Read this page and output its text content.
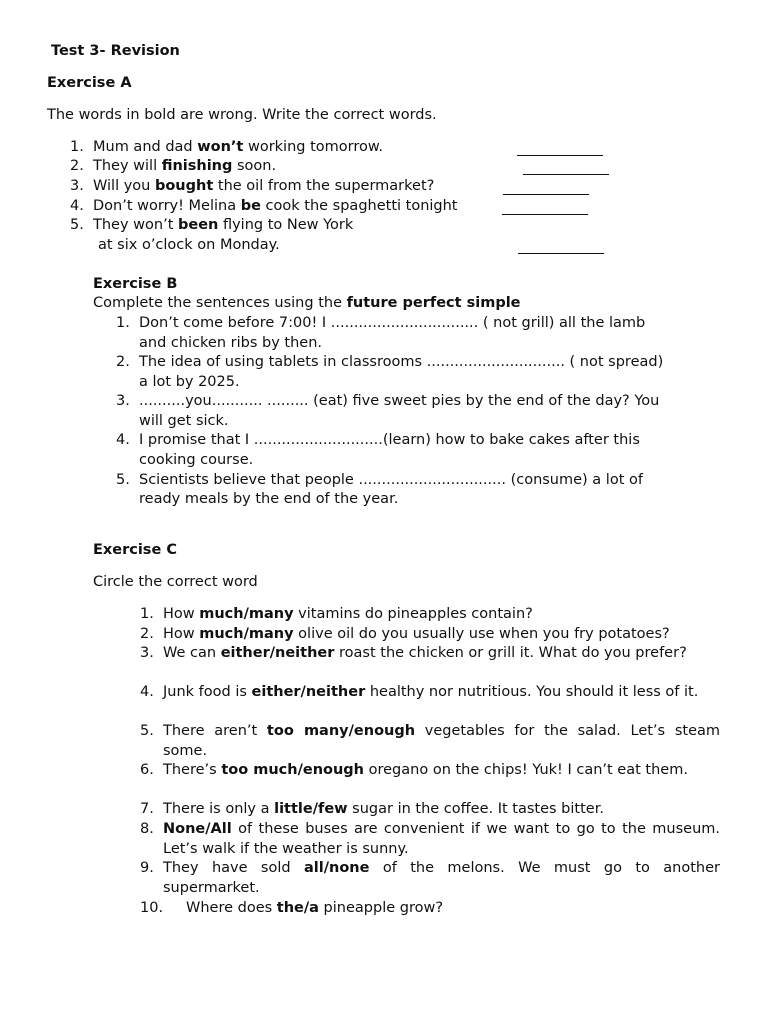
Test 3- Revision
Exercise A
The words in bold are wrong. Write the correct words.
1. Mum and dad won’t working tomorrow.
2. They will finishing soon.
3. Will you bought the oil from the supermarket?
4. Don’t worry! Melina be cook the spaghetti tonight
5. They won’t been flying to New York
at six o’clock on Monday.
Exercise B
Complete the sentences using the future perfect simple
1. Don’t come before 7:00! I ................................ ( not grill) all the lamb
and chicken ribs by then.
2. The idea of using tablets in classrooms .............................. ( not spread)
a lot by 2025.
3. ..........you........... ......... (eat) five sweet pies by the end of the day? You
will get sick.
4. I promise that I ............................(learn) how to bake cakes after this
cooking course.
5. Scientists believe that people ................................ (consume) a lot of
ready meals by the end of the year.
Exercise C
Circle the correct word
1. How much/many vitamins do pineapples contain?
2. How much/many olive oil do you usually use when you fry potatoes?
3. We can either/neither roast the chicken or grill it. What do you prefer?
4. Junk food is either/neither healthy nor nutritious. You should it less of it.
5. There aren’t too many/enough vegetables for the salad. Let’s steam some.
6. There’s too much/enough oregano on the chips! Yuk! I can’t eat them.
7. There is only a little/few sugar in the coffee. It tastes bitter.
8. None/All of these buses are convenient if we want to go to the museum. Let’s walk if the weather is sunny.
9. They have sold all/none of the melons. We must go to another supermarket.
10. Where does the/a pineapple grow?
